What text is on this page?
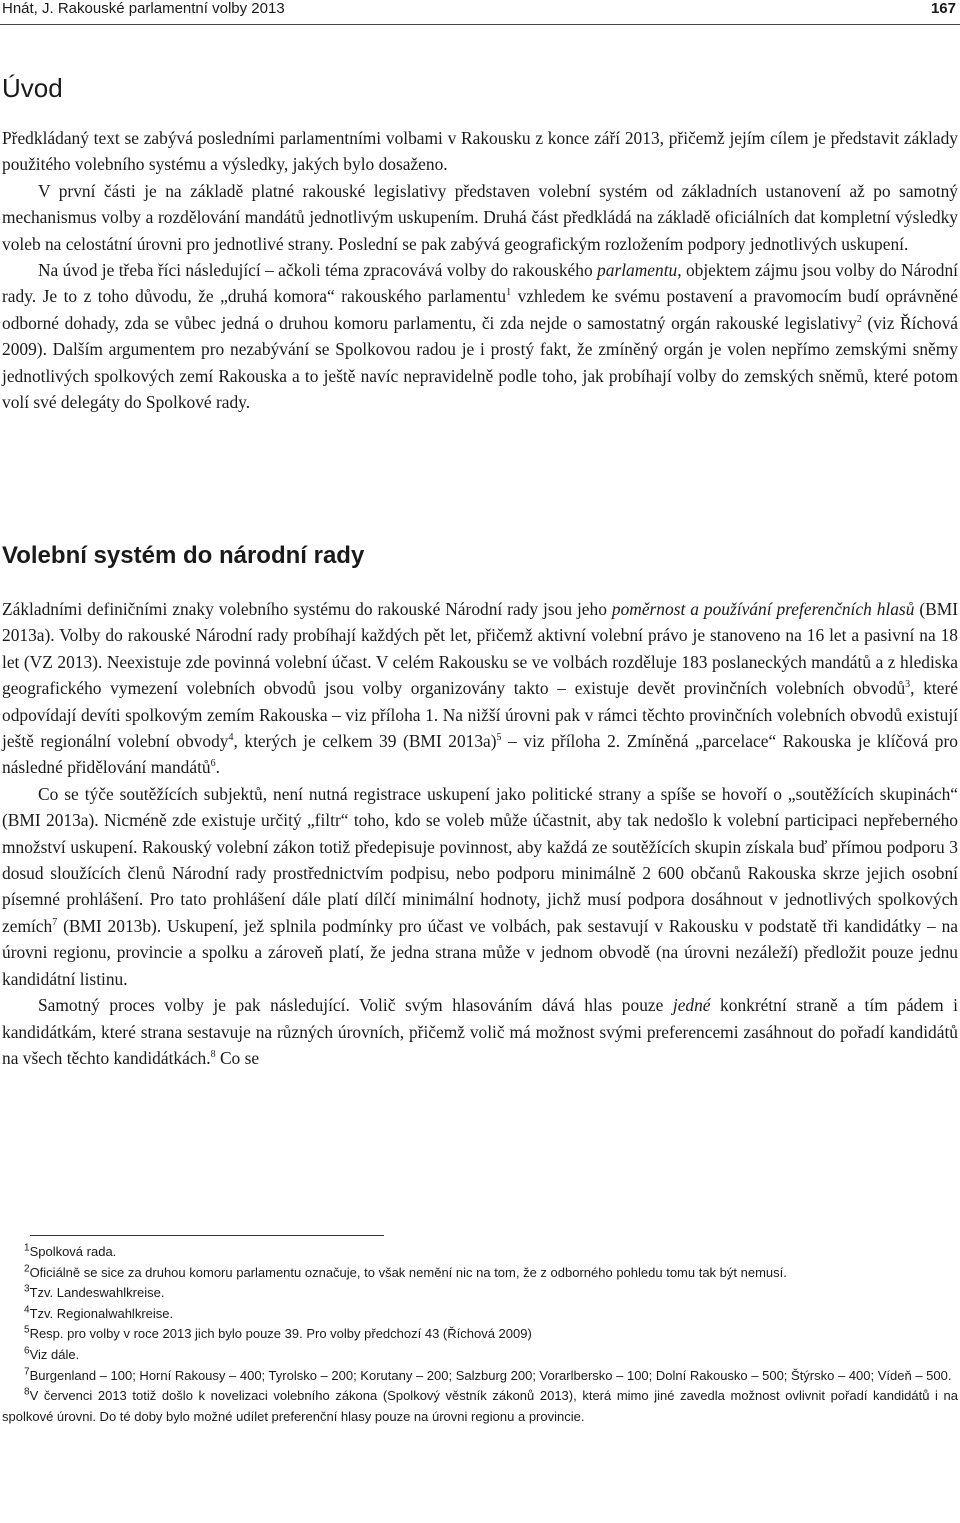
Hnát, J. Rakouské parlamentní volby 2013	167
Úvod

Předkládaný text se zabývá posledními parlamentními volbami v Rakousku z konce září 2013, přičemž jejím cílem je představit základy použitého volebního systému a výsledky, jakých bylo dosaženo.

V první části je na základě platné rakouské legislativy představen volební systém od základních ustanovení až po samotný mechanismus volby a rozdělování mandátů jednotlivým uskupením. Druhá část předkládá na základě oficiálních dat kompletní výsledky voleb na celostátní úrovni pro jednotlivé strany. Poslední se pak zabývá geografickým rozložením podpory jednotlivých uskupení.

Na úvod je třeba říci následující – ačkoli téma zpracovává volby do rakouského parlamentu, objektem zájmu jsou volby do Národní rady. Je to z toho důvodu, že „druhá komora“ rakouského parlamentu$^1$ vzhledem ke svému postavení a pravomocím budí oprávněné odborné dohady, zda se vůbec jedná o druhou komoru parlamentu, či zda nejde o samostatný orgán rakouské legislativy$^2$ (viz Říchová 2009). Dalším argumentem pro nezabývání se Spolkovou radou je i prostý fakt, že zmíněný orgán je volen nepřímo zemskými sněmy jednotlivých spolkových zemí Rakouska a to ještě navíc nepravidelně podle toho, jak probíhají volby do zemských sněmů, které potom volí své delegáty do Spolkové rady.

Volební systém do národní rady

Základními definičními znaky volebního systému do rakouské Národní rady jsou jeho poměrnost a používání preferenčních hlasů (BMI 2013a). Volby do rakouské Národní rady probíhají každých pět let, přičemž aktivní volební právo je stanoveno na 16 let a pasivní na 18 let (VZ 2013). Neexistuje zde povinná volební účast. V celém Rakousku se ve volbách rozděluje 183 poslaneckých mandátů a z hlediska geografického vymezení volebních obvodů jsou volby organizovány takto – existuje devět provinčních volebních obvodů$^3$, které odpovídají devíti spolkovým zemím Rakouska – viz příloha 1. Na nižší úrovni pak v rámci těchto provinčních volebních obvodů existují ještě regionální volební obvody$^4$, kterých je celkem 39 (BMI 2013a)$^5$ – viz příloha 2. Zmíněná „parcelace“ Rakouska je klíčová pro následné přidělování mandátů$^6$.

Co se týče soutěžících subjektů, není nutná registrace uskupení jako politické strany a spíše se hovoří o „soutěžících skupinách“ (BMI 2013a). Nicméně zde existuje určitý „filtr“ toho, kdo se voleb může účastnit, aby tak nedošlo k volební participaci nepřeberného množství uskupení. Rakouský volební zákon totiž předepisuje povinnost, aby každá ze soutěžících skupin získala buď přímou podporu 3 dosud sloužících členů Národní rady prostřednictvím podpisu, nebo podporu minimálně 2 600 občanů Rakouska skrze jejich osobní písemné prohlášení. Pro tato prohlášení dále platí dílčí minimální hodnoty, jichž musí podpora dosáhnout v jednotlivých spolkových zemích$^7$ (BMI 2013b). Uskupení, jež splnila podmínky pro účast ve volbách, pak sestavují v Rakousku v podstatě tři kandidátky – na úrovni regionu, provincie a spolku a zároveň platí, že jedna strana může v jednom obvodě (na úrovni nezáleží) předložit pouze jednu kandidátní listinu.

Samotný proces volby je pak následující. Volič svým hlasováním dává hlas pouze jedné konkrétní straně a tím pádem i kandidátkám, které strana sestavuje na různých úrovních, přičemž volič má možnost svými preferencemi zasáhnout do pořadí kandidátů na všech těchto kandidátkách.$^8$ Co se

$^1$Spolková rada.

$^2$Oficiálně se sice za druhou komoru parlamentu označuje, to však nemění nic na tom, že z odborného pohledu tomu tak být nemusí.

$^3$Tzv. Landeswahlkreise.

$^4$Tzv. Regionalwahlkreise.

$^5$Resp. pro volby v roce 2013 jich bylo pouze 39. Pro volby předchozí 43 (Říchová 2009)

$^6$Viz dále.

$^7$Burgenland – 100; Horní Rakousy – 400; Tyrolsko – 200; Korutany – 200; Salzburg 200; Vorarlbersko – 100; Dolní Rakousko – 500; Štýrsko – 400; Vídeň – 500.

$^8$V červenci 2013 totiž došlo k novelizaci volebního zákona (Spolkový věstník zákonů 2013), která mimo jiné zavedla možnost ovlivnit pořadí kandidátů i na spolkové úrovni. Do té doby bylo možné udílet preferenční hlasy pouze na úrovni regionu a provincie.
